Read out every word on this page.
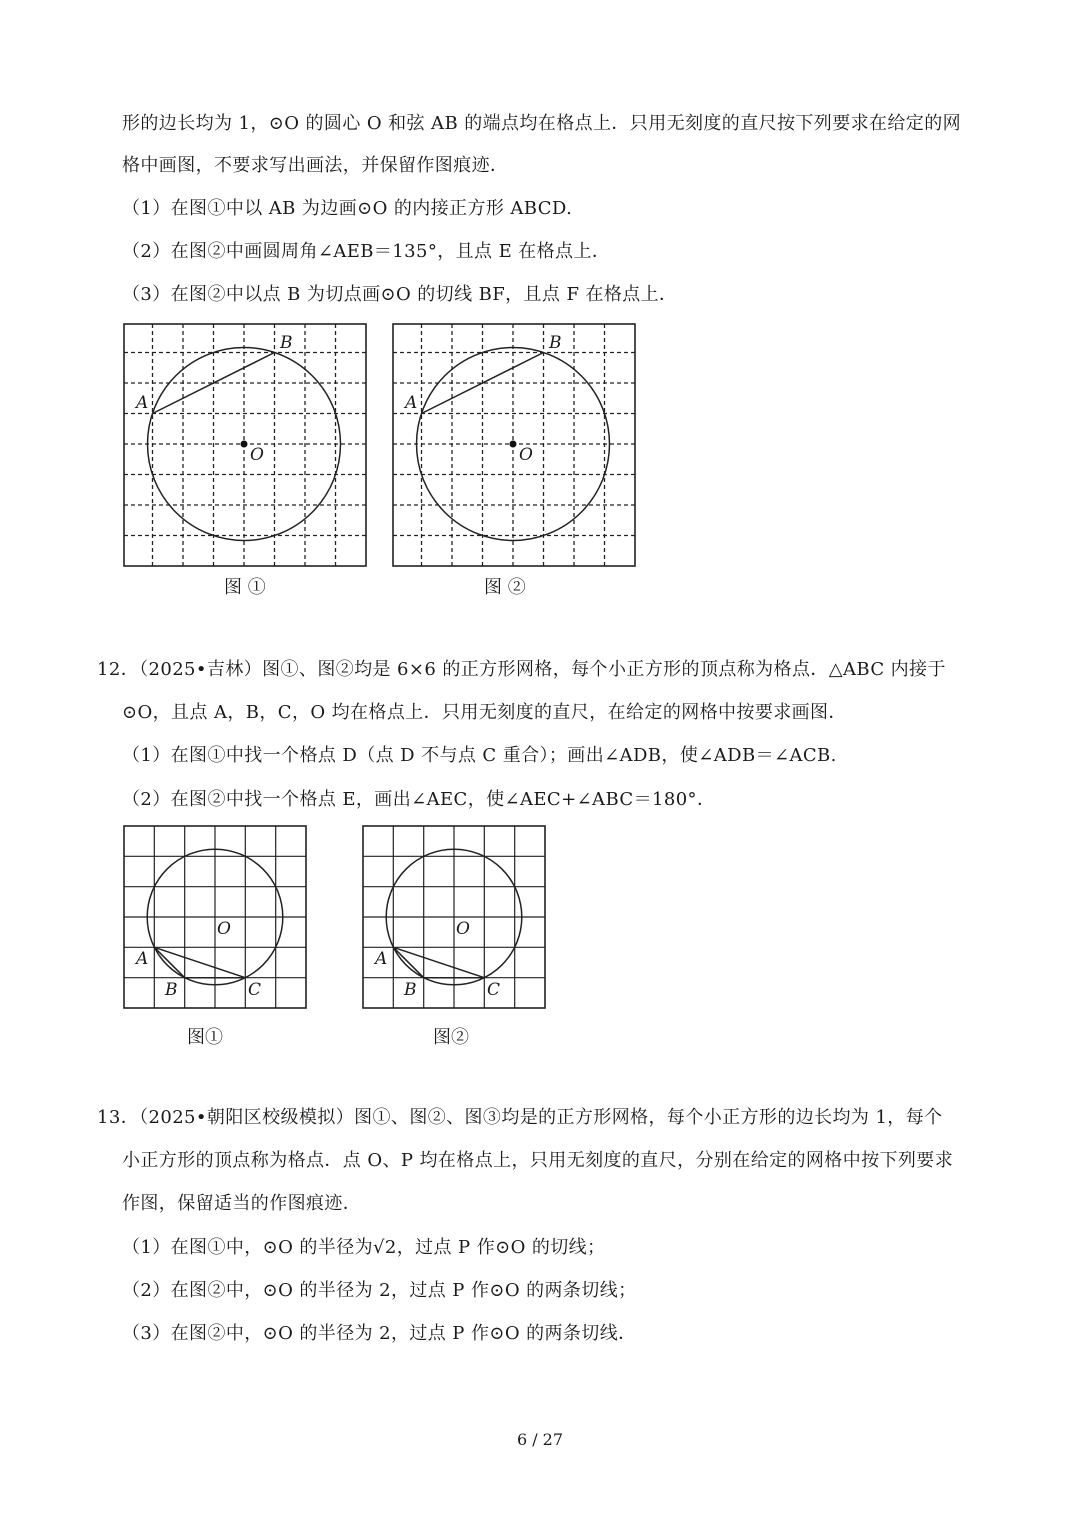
形的边长均为 1，⊙O 的圆心 O 和弦 AB 的端点均在格点上．只用无刻度的直尺按下列要求在给定的网
格中画图，不要求写出画法，并保留作图痕迹．
（1）在图①中以 AB 为边画⊙O 的内接正方形 ABCD.
（2）在图②中画圆周角∠AEB＝135°，且点 E 在格点上．
（3）在图②中以点 B 为切点画⊙O 的切线 BF，且点 F 在格点上．
A
B
O
图 ①
A
B
O
图 ②
12．（2025•吉林）图①、图②均是 6×6 的正方形网格，每个小正方形的顶点称为格点．△ABC 内接于
⊙O，且点 A，B，C，O 均在格点上．只用无刻度的直尺，在给定的网格中按要求画图．
（1）在图①中找一个格点 D（点 D 不与点 C 重合）；画出∠ADB，使∠ADB＝∠ACB.
（2）在图②中找一个格点 E，画出∠AEC，使∠AEC+∠ABC＝180°．
A
B	C
O
图①
A
B	C
O
图②
13．（2025•朝阳区校级模拟）图①、图②、图③均是的正方形网格，每个小正方形的边长均为 1，每个
小正方形的顶点称为格点．点 O、P 均在格点上，只用无刻度的直尺，分别在给定的网格中按下列要求
作图，保留适当的作图痕迹．
（1）在图①中，⊙O 的半径为√2，过点 P 作⊙O 的切线；
（2）在图②中，⊙O 的半径为 2，过点 P 作⊙O 的两条切线；
（3）在图②中，⊙O 的半径为 2，过点 P 作⊙O 的两条切线．
6 / 27
